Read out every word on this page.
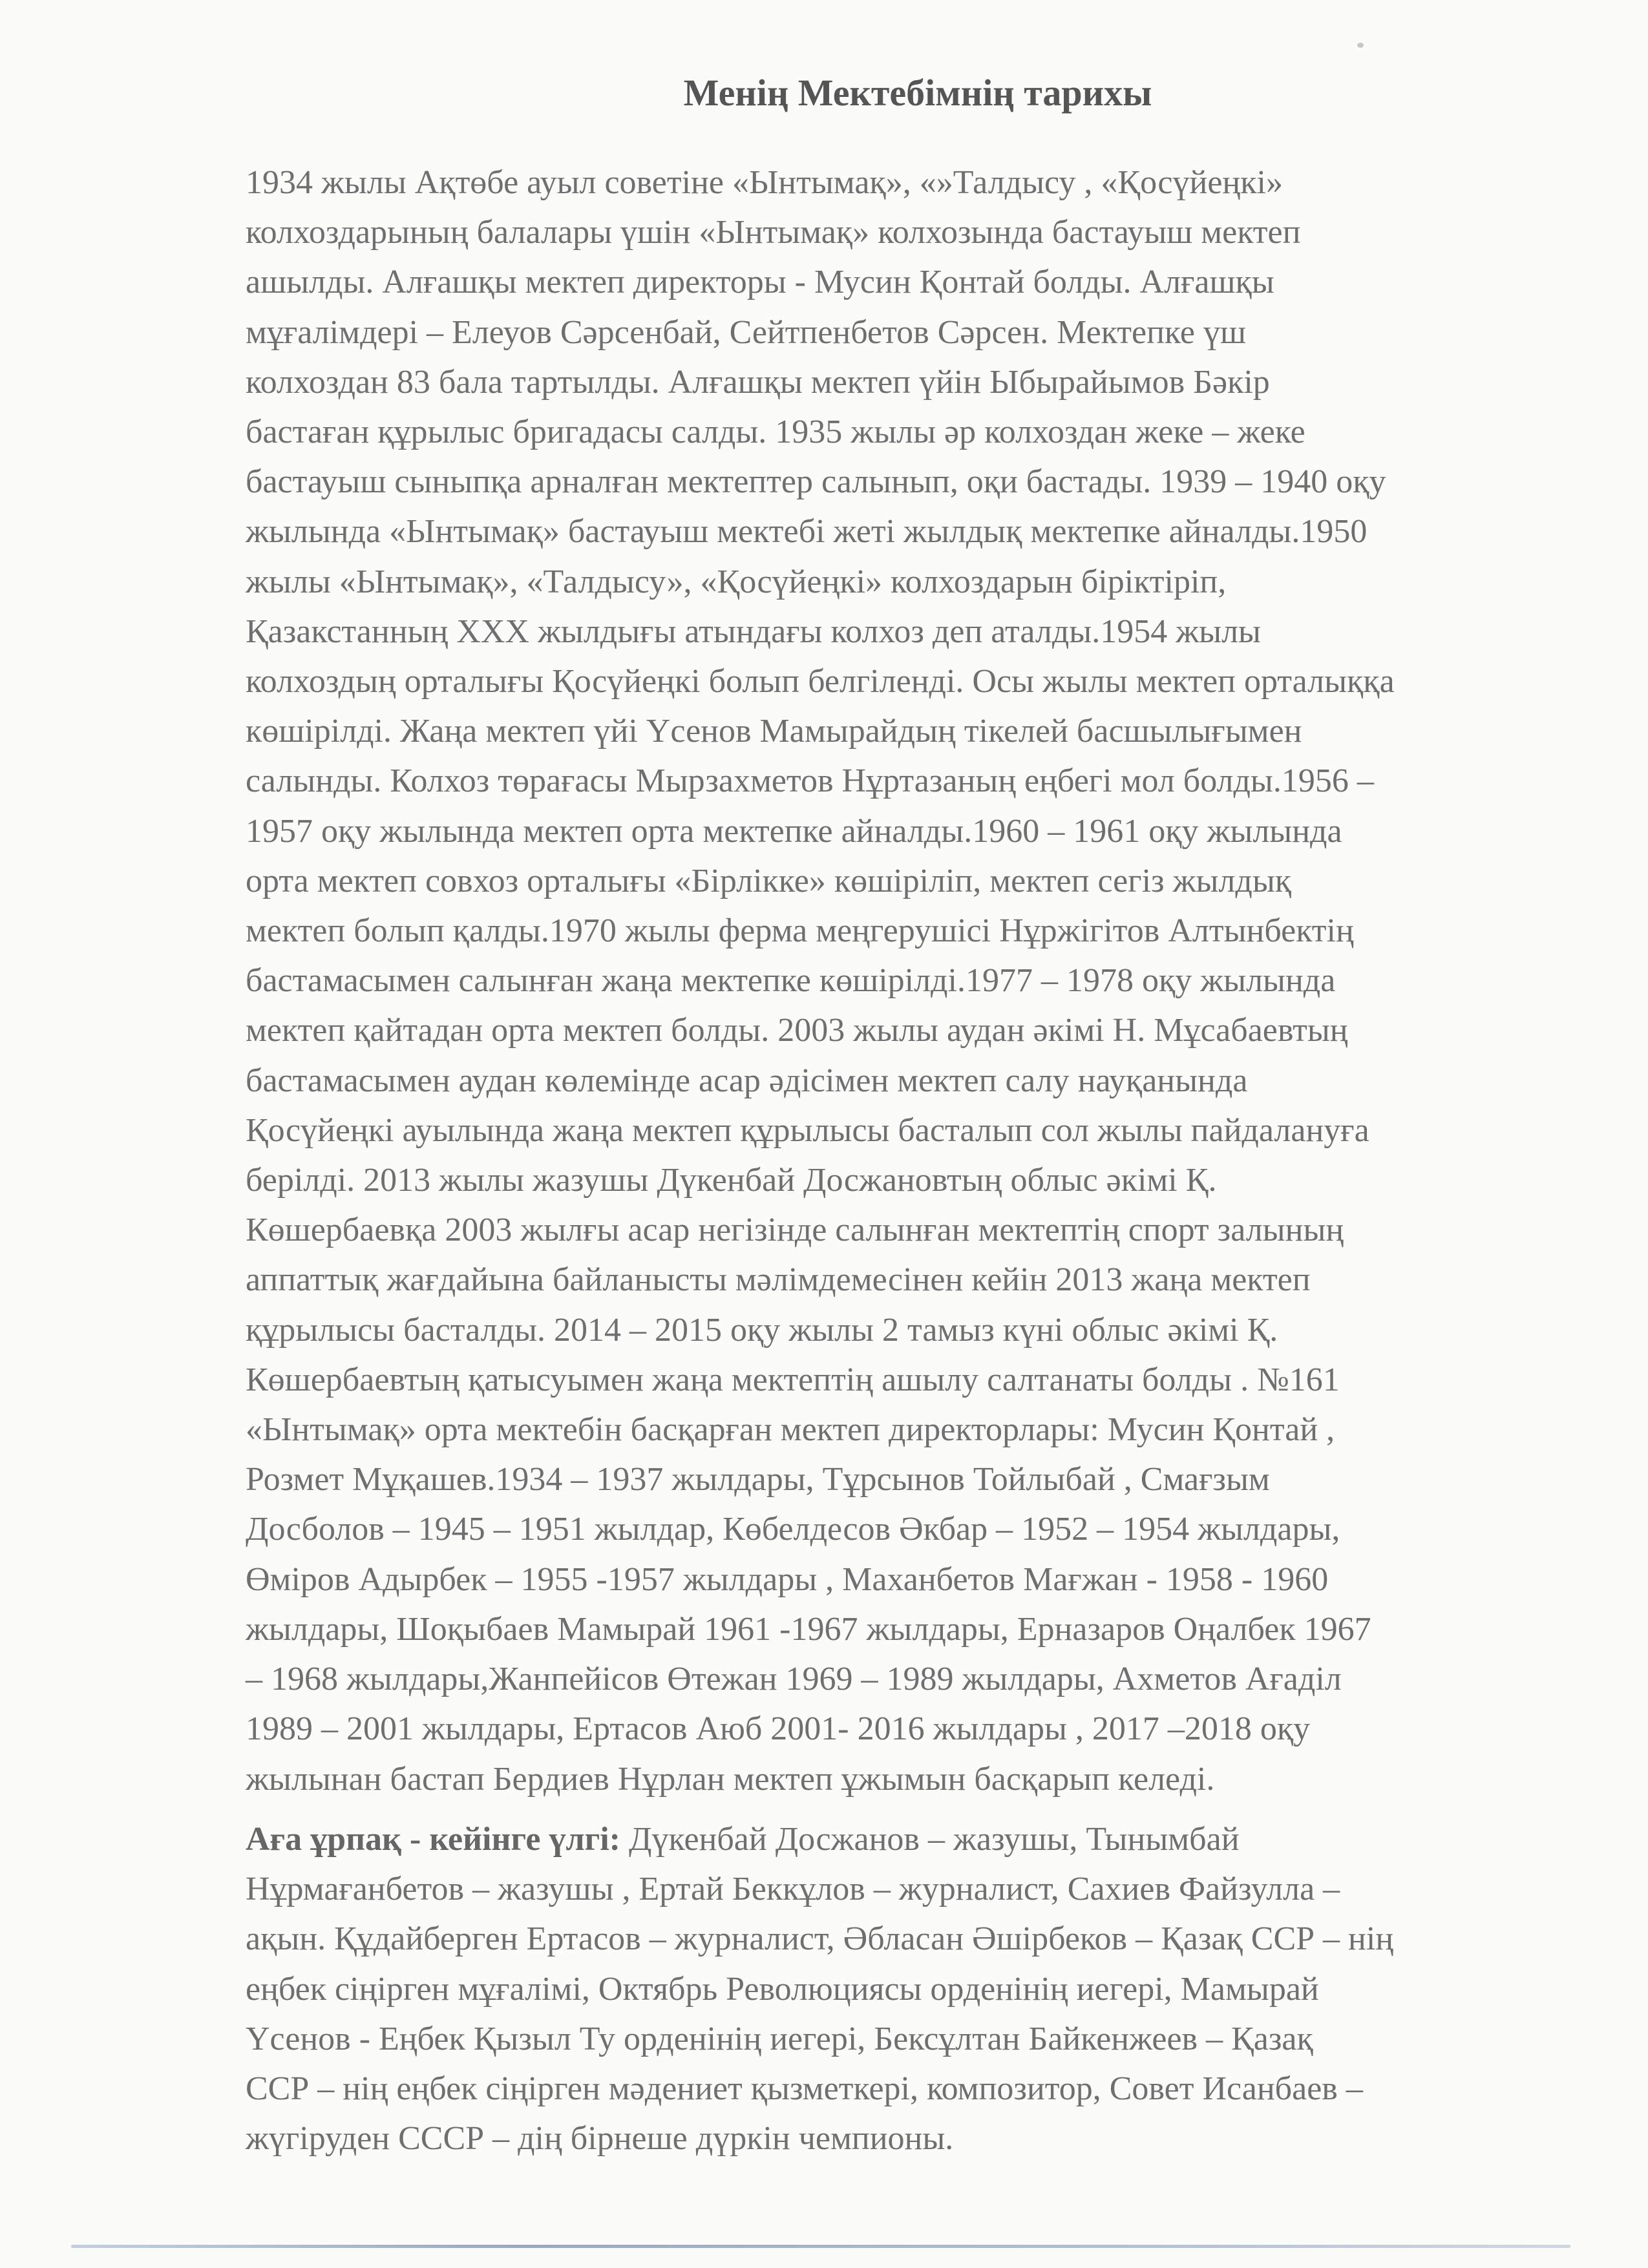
Менің Мектебімнің тарихы
1934 жылы Ақтөбе ауыл советіне «Ынтымақ», «»Талдысу , «Қосүйеңкі»
колхоздарының балалары үшін «Ынтымақ» колхозында бастауыш мектеп
ашылды. Алғашқы мектеп директоры - Мусин Қонтай болды. Алғашқы
мұғалімдері – Елеуов Сәрсенбай, Сейтпенбетов Сәрсен. Мектепке үш
колхоздан 83 бала тартылды. Алғашқы мектеп үйін Ыбырайымов Бәкір
бастаған құрылыс бригадасы салды. 1935 жылы әр колхоздан жеке – жеке
бастауыш сыныпқа арналған мектептер салынып, оқи бастады. 1939 – 1940 оқу
жылында «Ынтымақ» бастауыш мектебі жеті жылдық мектепке айналды.1950
жылы «Ынтымақ», «Талдысу», «Қосүйеңкі» колхоздарын біріктіріп,
Қазакстанның XXX жылдығы атындағы колхоз деп аталды.1954 жылы
колхоздың орталығы Қосүйеңкі болып белгіленді. Осы жылы мектеп орталыққа
көшірілді. Жаңа мектеп үйі Үсенов Мамырайдың тікелей басшылығымен
салынды. Колхоз төрағасы Мырзахметов Нұртазаның еңбегі мол болды.1956 –
1957 оқу жылында мектеп орта мектепке айналды.1960 – 1961 оқу жылында
орта мектеп совхоз орталығы «Бірлікке» көшіріліп, мектеп сегіз жылдық
мектеп болып қалды.1970 жылы ферма меңгерушісі Нұржігітов Алтынбектің
бастамасымен салынған жаңа мектепке көшірілді.1977 – 1978 оқу жылында
мектеп қайтадан орта мектеп болды. 2003 жылы аудан әкімі Н. Мұсабаевтың
бастамасымен аудан көлемінде асар әдісімен мектеп салу науқанында
Қосүйеңкі ауылында жаңа мектеп құрылысы басталып сол жылы пайдалануға
берілді. 2013 жылы жазушы Дүкенбай Досжановтың облыс әкімі Қ.
Көшербаевқа 2003 жылғы асар негізінде салынған мектептің спорт залының
аппаттық жағдайына байланысты мәлімдемесінен кейін 2013 жаңа мектеп
құрылысы басталды. 2014 – 2015 оқу жылы 2 тамыз күні облыс әкімі Қ.
Көшербаевтың қатысуымен жаңа мектептің ашылу салтанаты болды . №161
«Ынтымақ» орта мектебін басқарған мектеп директорлары: Мусин Қонтай ,
Розмет Мұқашев.1934 – 1937 жылдары, Тұрсынов Тойлыбай , Смағзым
Досболов – 1945 – 1951 жылдар, Көбелдесов Әкбар – 1952 – 1954 жылдары,
Өміров Адырбек – 1955 -1957 жылдары , Маханбетов Мағжан - 1958 - 1960
жылдары, Шоқыбаев Мамырай 1961 -1967 жылдары, Ерназаров Оңалбек 1967
– 1968 жылдары,Жанпейісов Өтежан 1969 – 1989 жылдары, Ахметов Ағаділ
1989 – 2001 жылдары, Ертасов Аюб 2001- 2016 жылдары , 2017 –2018 оқу
жылынан бастап Бердиев Нұрлан мектеп ұжымын басқарып келеді.
Аға ұрпақ - кейінге үлгі: Дүкенбай Досжанов – жазушы, Тынымбай
Нұрмағанбетов – жазушы , Ертай Беккұлов – журналист, Сахиев Файзулла –
ақын. Құдайберген Ертасов – журналист, Әбласан Әшірбеков – Қазақ ССР – нің
еңбек сіңірген мұғалімі, Октябрь Революциясы орденінің иегері, Мамырай
Үсенов - Еңбек Қызыл Ту орденінің иегері, Бексұлтан Байкенжеев – Қазақ
ССР – нің еңбек сіңірген мәдениет қызметкері, композитор, Совет Исанбаев –
жүгіруден СССР – дің бірнеше дүркін чемпионы.
